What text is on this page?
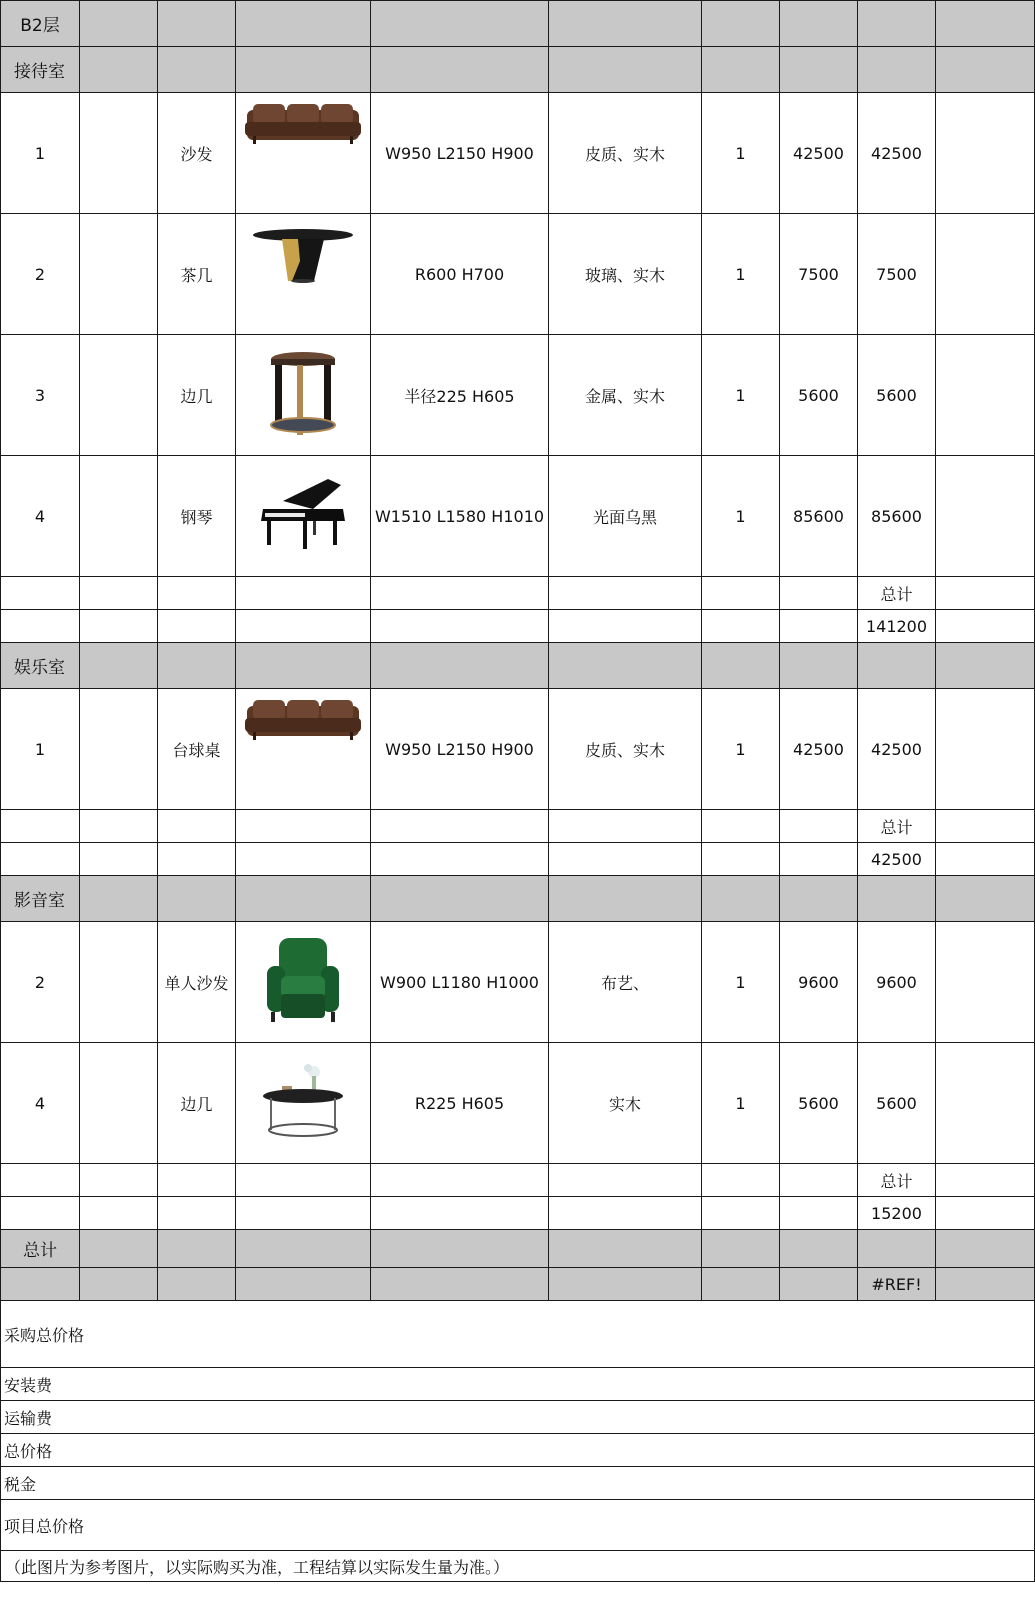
B2层									
接待室									
1		沙发		W950 L2150 H900	皮质、实木	1	42500	42500	
2		茶几		R600 H700	玻璃、实木	1	7500	7500	
3		边几		半径225 H605	金属、实木	1	5600	5600	
4		钢琴		W1510 L1580 H1010	光面乌黑	1	85600	85600	
								总计	
								141200	
娱乐室									
1		台球桌		W950 L2150 H900	皮质、实木	1	42500	42500	
								总计	
								42500	
影音室									
2		单人沙发		W900 L1180 H1000	布艺、	1	9600	9600	
4		边几		R225 H605	实木	1	5600	5600	
								总计	
								15200	
总计									
								#REF!	
采购总价格									
安装费									
运输费									
总价格									
税金									
项目总价格									
（此图片为参考图片，以实际购买为准，工程结算以实际发生量为准。）									
